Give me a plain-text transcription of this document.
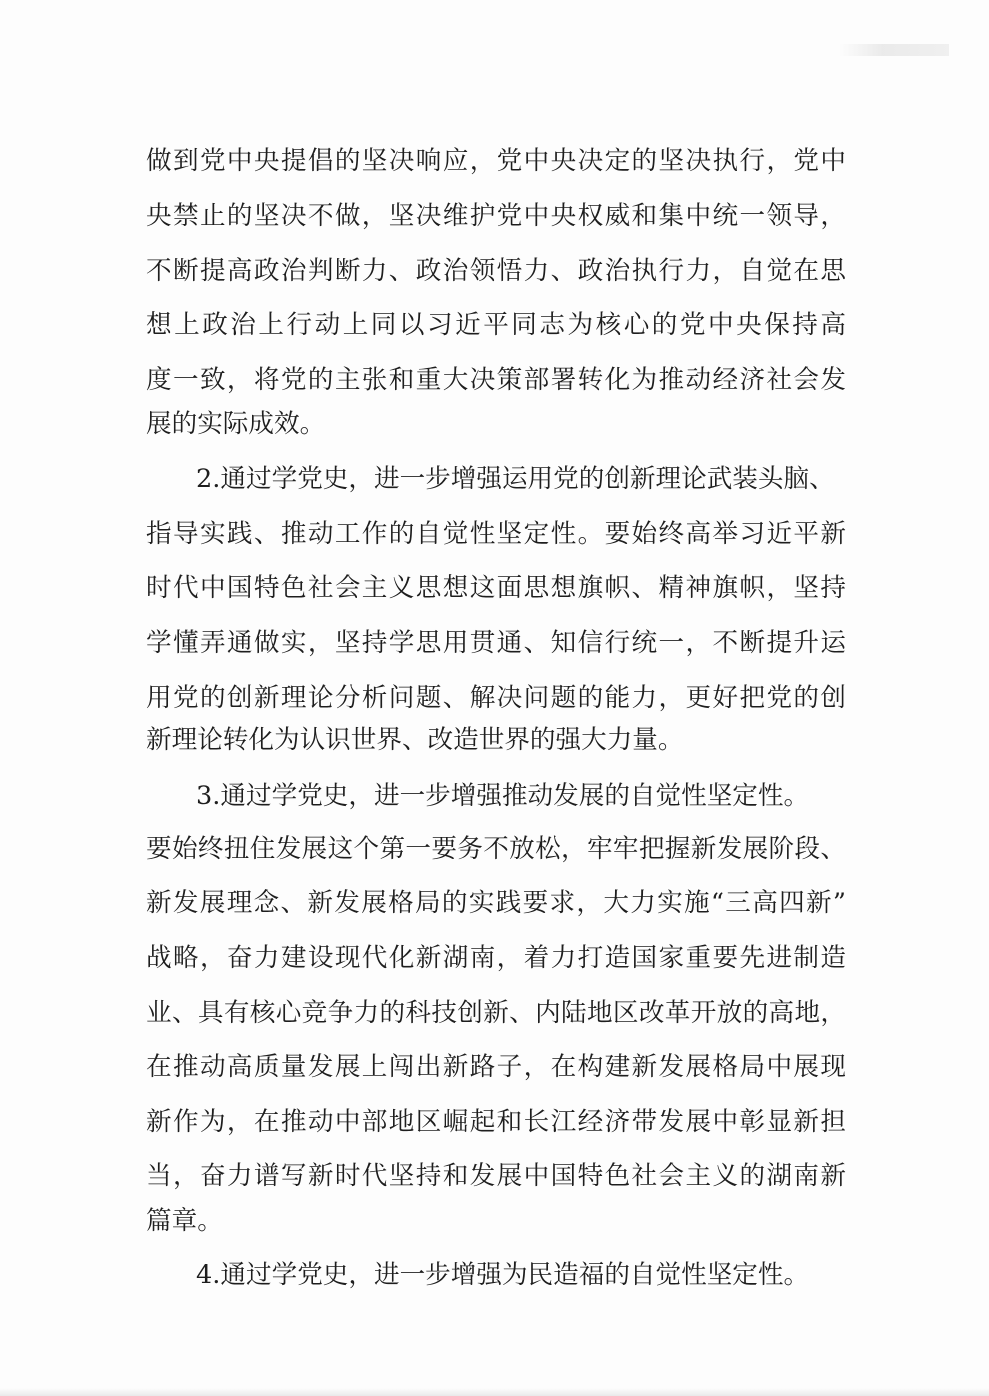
做到党中央提倡的坚决响应，党中央决定的坚决执行，党中
央禁止的坚决不做，坚决维护党中央权威和集中统一领导，
不断提高政治判断力、政治领悟力、政治执行力，自觉在思
想上政治上行动上同以习近平同志为核心的党中央保持高
度一致，将党的主张和重大决策部署转化为推动经济社会发
展的实际成效。
2.通过学党史，进一步增强运用党的创新理论武装头脑、
指导实践、推动工作的自觉性坚定性。要始终高举习近平新
时代中国特色社会主义思想这面思想旗帜、精神旗帜，坚持
学懂弄通做实，坚持学思用贯通、知信行统一，不断提升运
用党的创新理论分析问题、解决问题的能力，更好把党的创
新理论转化为认识世界、改造世界的强大力量。
3.通过学党史，进一步增强推动发展的自觉性坚定性。
要始终扭住发展这个第一要务不放松，牢牢把握新发展阶段、
新发展理念、新发展格局的实践要求，大力实施“三高四新”
战略，奋力建设现代化新湖南，着力打造国家重要先进制造
业、具有核心竞争力的科技创新、内陆地区改革开放的高地，
在推动高质量发展上闯出新路子，在构建新发展格局中展现
新作为，在推动中部地区崛起和长江经济带发展中彰显新担
当，奋力谱写新时代坚持和发展中国特色社会主义的湖南新
篇章。
4.通过学党史，进一步增强为民造福的自觉性坚定性。
